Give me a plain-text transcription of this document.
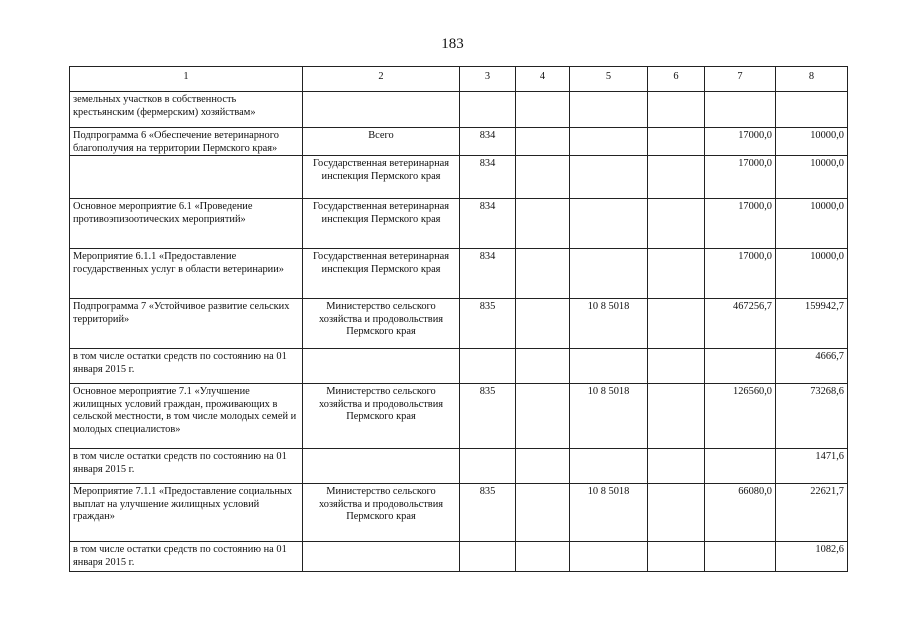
183
1	2	3	4	5	6	7	8
земельных участков в собственность крестьянским (фермерским) хозяйствам»							
Подпрограмма 6 «Обеспечение ветеринарного благополучия на территории Пермского края»	Всего	834				17000,0	10000,0
	Государственная ветеринарная инспекция Пермского края	834				17000,0	10000,0
Основное мероприятие 6.1 «Проведение противоэпизоотических мероприятий»	Государственная ветеринарная инспекция Пермского края	834				17000,0	10000,0
Мероприятие 6.1.1 «Предоставление государственных услуг в области ветеринарии»	Государственная ветеринарная инспекция Пермского края	834				17000,0	10000,0
Подпрограмма 7 «Устойчивое развитие сельских территорий»	Министерство сельского хозяйства и продовольствия Пермского края	835		10 8 5018		467256,7	159942,7
в том числе остатки средств по состоянию на 01 января 2015 г.							4666,7
Основное мероприятие 7.1 «Улучшение жилищных условий граждан, проживающих в сельской местности, в том числе молодых семей и молодых специалистов»	Министерство сельского хозяйства и продовольствия Пермского края	835		10 8 5018		126560,0	73268,6
в том числе остатки средств по состоянию на 01 января 2015 г.							1471,6
Мероприятие 7.1.1 «Предоставление социальных выплат на улучшение жилищных условий граждан»	Министерство сельского хозяйства и продовольствия Пермского края	835		10 8 5018		66080,0	22621,7
в том числе остатки средств по состоянию на 01 января 2015 г.							1082,6
